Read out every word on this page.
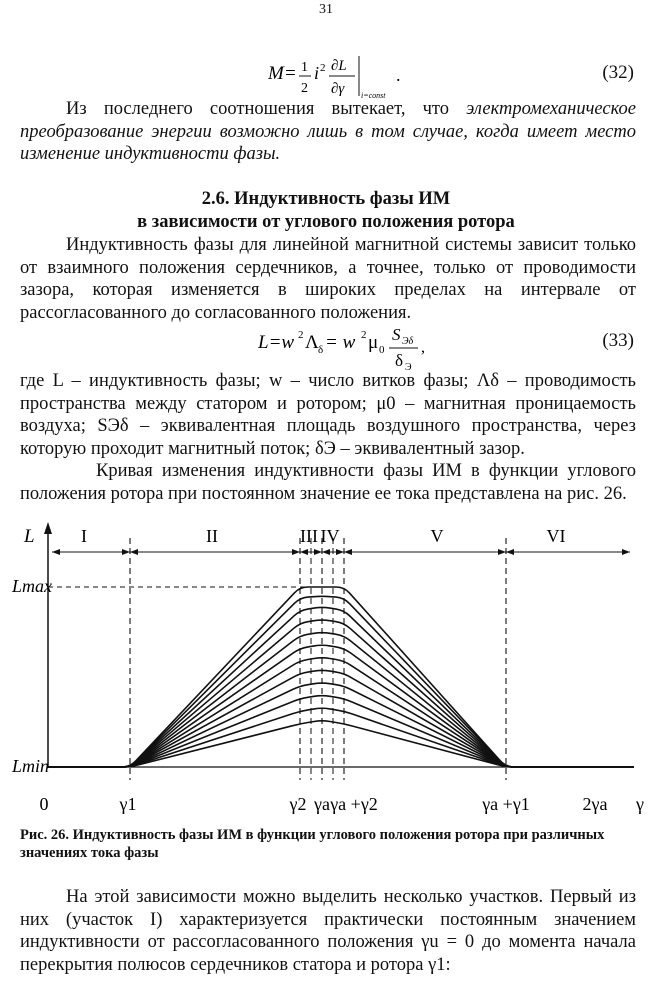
31
M= 1
2
i 2 ∂L
∂γ i=const
.	(32)
Из последнего соотношения вытекает, что электромеханическое преобразование энергии возможно лишь в том случае, когда имеет место изменение индуктивности фазы.
2.6. Индуктивность фазы ИМ
в зависимости от углового положения ротора
Индуктивность фазы для линейной магнитной системы зависит только от взаимного положения сердечников, а точнее, только от проводимости зазора, которая изменяется в широких пределах на интервале от рассогласованного до согласованного положения.
L=w 2 Λ δ = w 2 μ 0
S Эδ
δ Э
,	(33)
где L – индуктивность фазы; w – число витков фазы; Λδ – проводимость пространства между статором и ротором; μ0 – магнитная проницаемость воздуха; SЭδ – эквивалентная площадь воздушного пространства, через которую проходит магнитный поток; δЭ – эквивалентный зазор.
Кривая изменения индуктивности фазы ИМ в функции углового положения ротора при постоянном значение ее тока представлена на рис. 26.
L
Lmax
Lmin
I	II	III IV	V	VI
0	γ1	γ2 γa γa +γ2	γa +γ1	2γa γ
Рис. 26. Индуктивность фазы ИМ в функции углового положения ротора при различных значениях тока фазы
На этой зависимости можно выделить несколько участков. Первый из них (участок I) характеризуется практически постоянным значением индуктивности от рассогласованного положения γu = 0 до момента начала перекрытия полюсов сердечников статора и ротора γ1:
